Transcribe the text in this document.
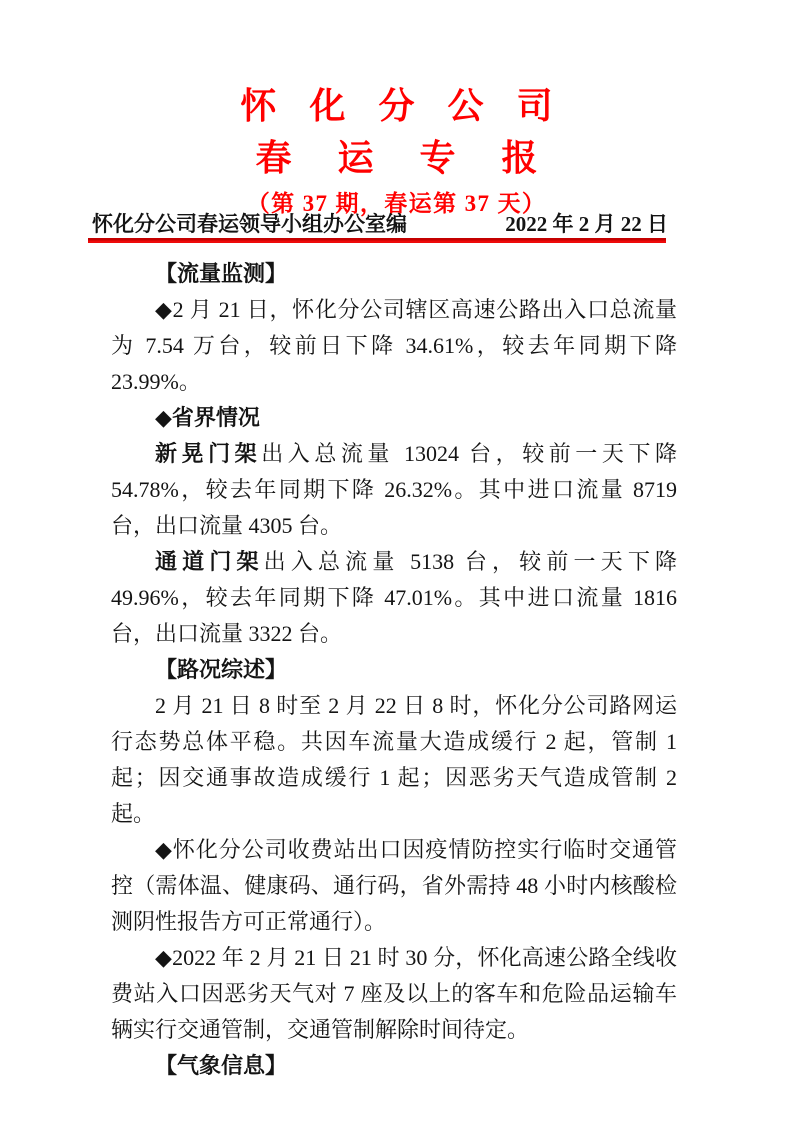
怀 化 分 公 司
春 运 专 报
（第 37 期，春运第 37 天）
怀化分公司春运领导小组办公室编	2022 年 2 月 22 日

【流量监测】

◆2 月 21 日，怀化分公司辖区高速公路出入口总流量为 7.54 万台，较前日下降 34.61%，较去年同期下降 23.99%。

◆省界情况

新晃门架出入总流量 13024 台，较前一天下降 54.78%，较去年同期下降 26.32%。其中进口流量 8719 台，出口流量 4305 台。

通道门架出入总流量 5138 台，较前一天下降 49.96%，较去年同期下降 47.01%。其中进口流量 1816 台，出口流量 3322 台。

【路况综述】

2 月 21 日 8 时至 2 月 22 日 8 时，怀化分公司路网运行态势总体平稳。共因车流量大造成缓行 2 起，管制 1 起；因交通事故造成缓行 1 起；因恶劣天气造成管制 2 起。

◆怀化分公司收费站出口因疫情防控实行临时交通管控（需体温、健康码、通行码，省外需持 48 小时内核酸检测阴性报告方可正常通行）。

◆2022 年 2 月 21 日 21 时 30 分，怀化高速公路全线收费站入口因恶劣天气对 7 座及以上的客车和危险品运输车辆实行交通管制，交通管制解除时间待定。

【气象信息】
